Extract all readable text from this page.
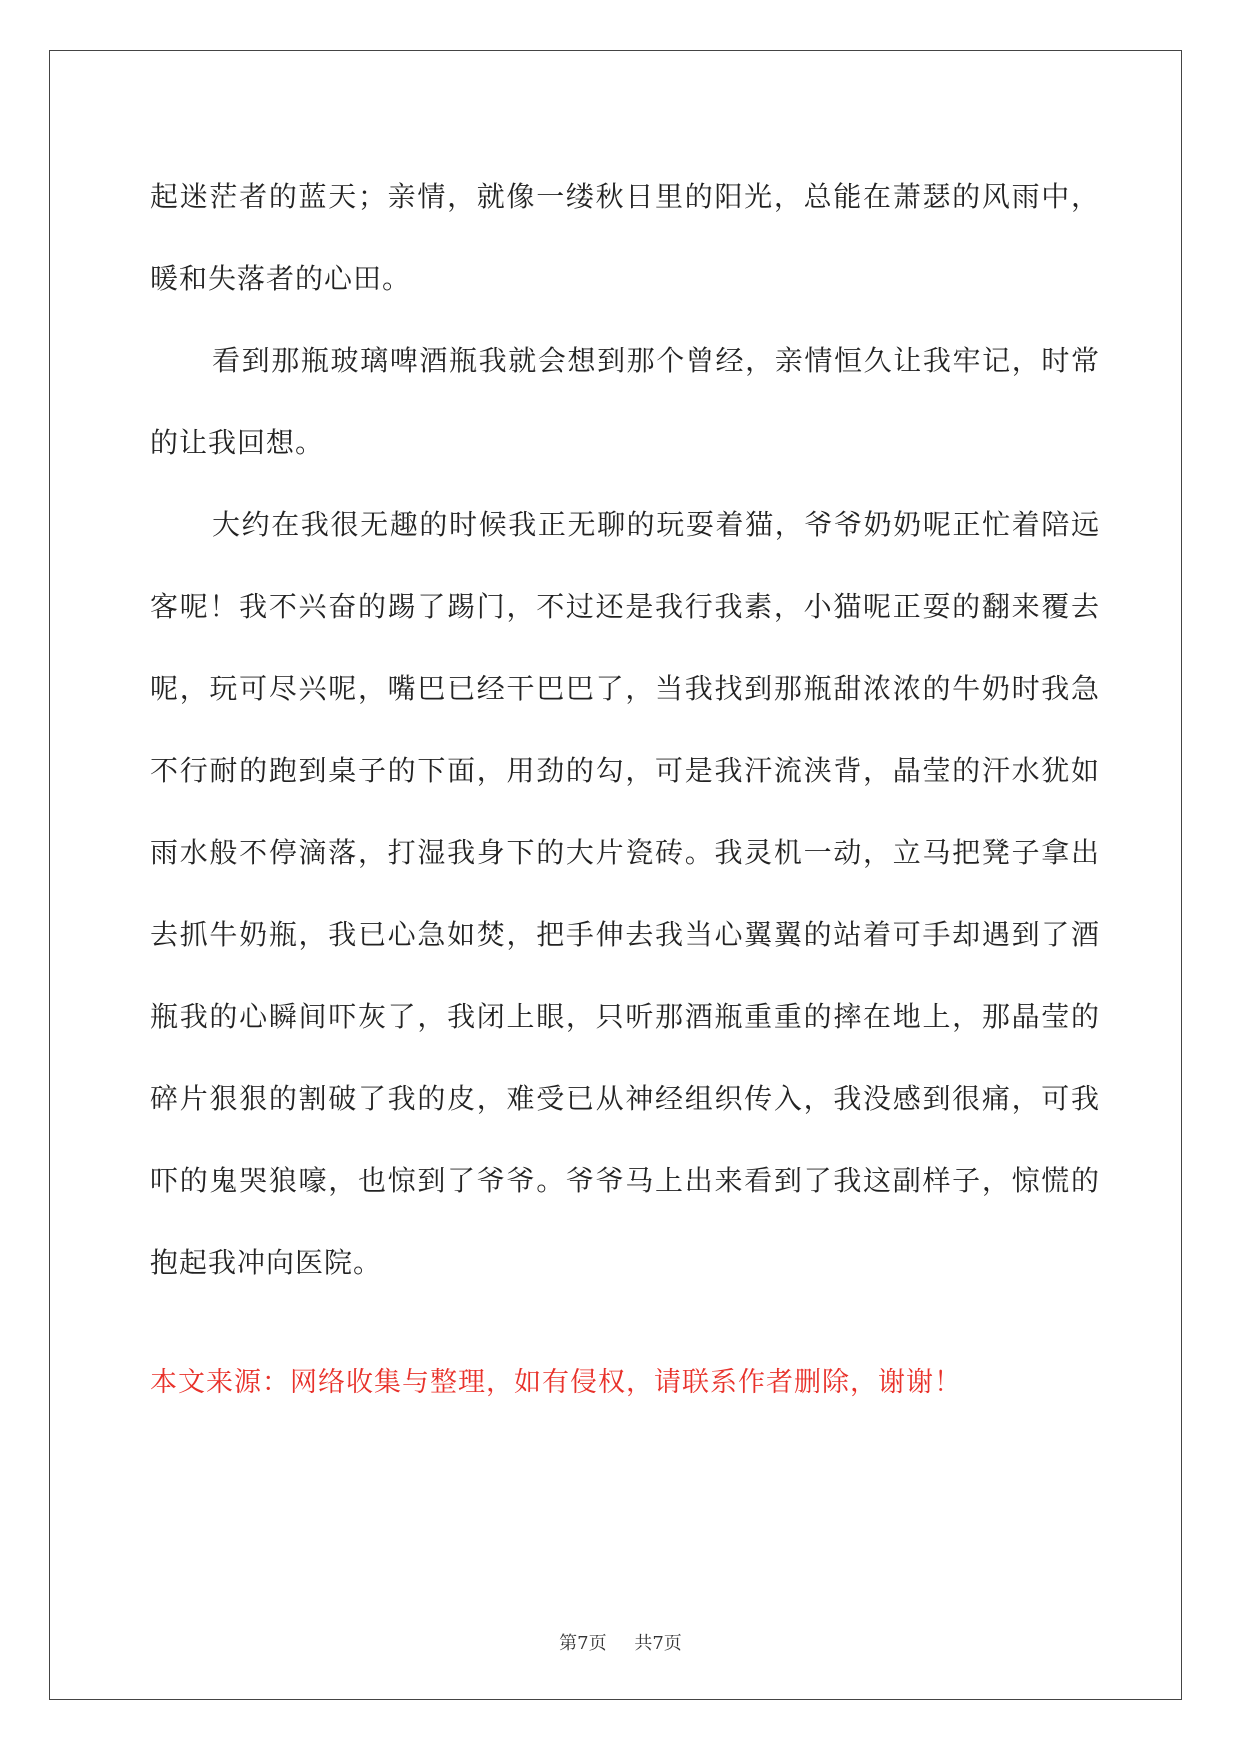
起迷茫者的蓝天；亲情，就像一缕秋日里的阳光，总能在萧瑟的风雨中，暖和失落者的心田。

看到那瓶玻璃啤酒瓶我就会想到那个曾经，亲情恒久让我牢记，时常的让我回想。

大约在我很无趣的时候我正无聊的玩耍着猫，爷爷奶奶呢正忙着陪远客呢！我不兴奋的踢了踢门，不过还是我行我素，小猫呢正耍的翻来覆去呢，玩可尽兴呢，嘴巴已经干巴巴了，当我找到那瓶甜浓浓的牛奶时我急不行耐的跑到桌子的下面，用劲的勾，可是我汗流浃背，晶莹的汗水犹如雨水般不停滴落，打湿我身下的大片瓷砖。我灵机一动，立马把凳子拿出去抓牛奶瓶，我已心急如焚，把手伸去我当心翼翼的站着可手却遇到了酒瓶我的心瞬间吓灰了，我闭上眼，只听那酒瓶重重的摔在地上，那晶莹的碎片狠狠的割破了我的皮，难受已从神经组织传入，我没感到很痛，可我吓的鬼哭狼嚎，也惊到了爷爷。爷爷马上出来看到了我这副样子，惊慌的抱起我冲向医院。

本文来源：网络收集与整理，如有侵权，请联系作者删除，谢谢！
第7页 共7页
